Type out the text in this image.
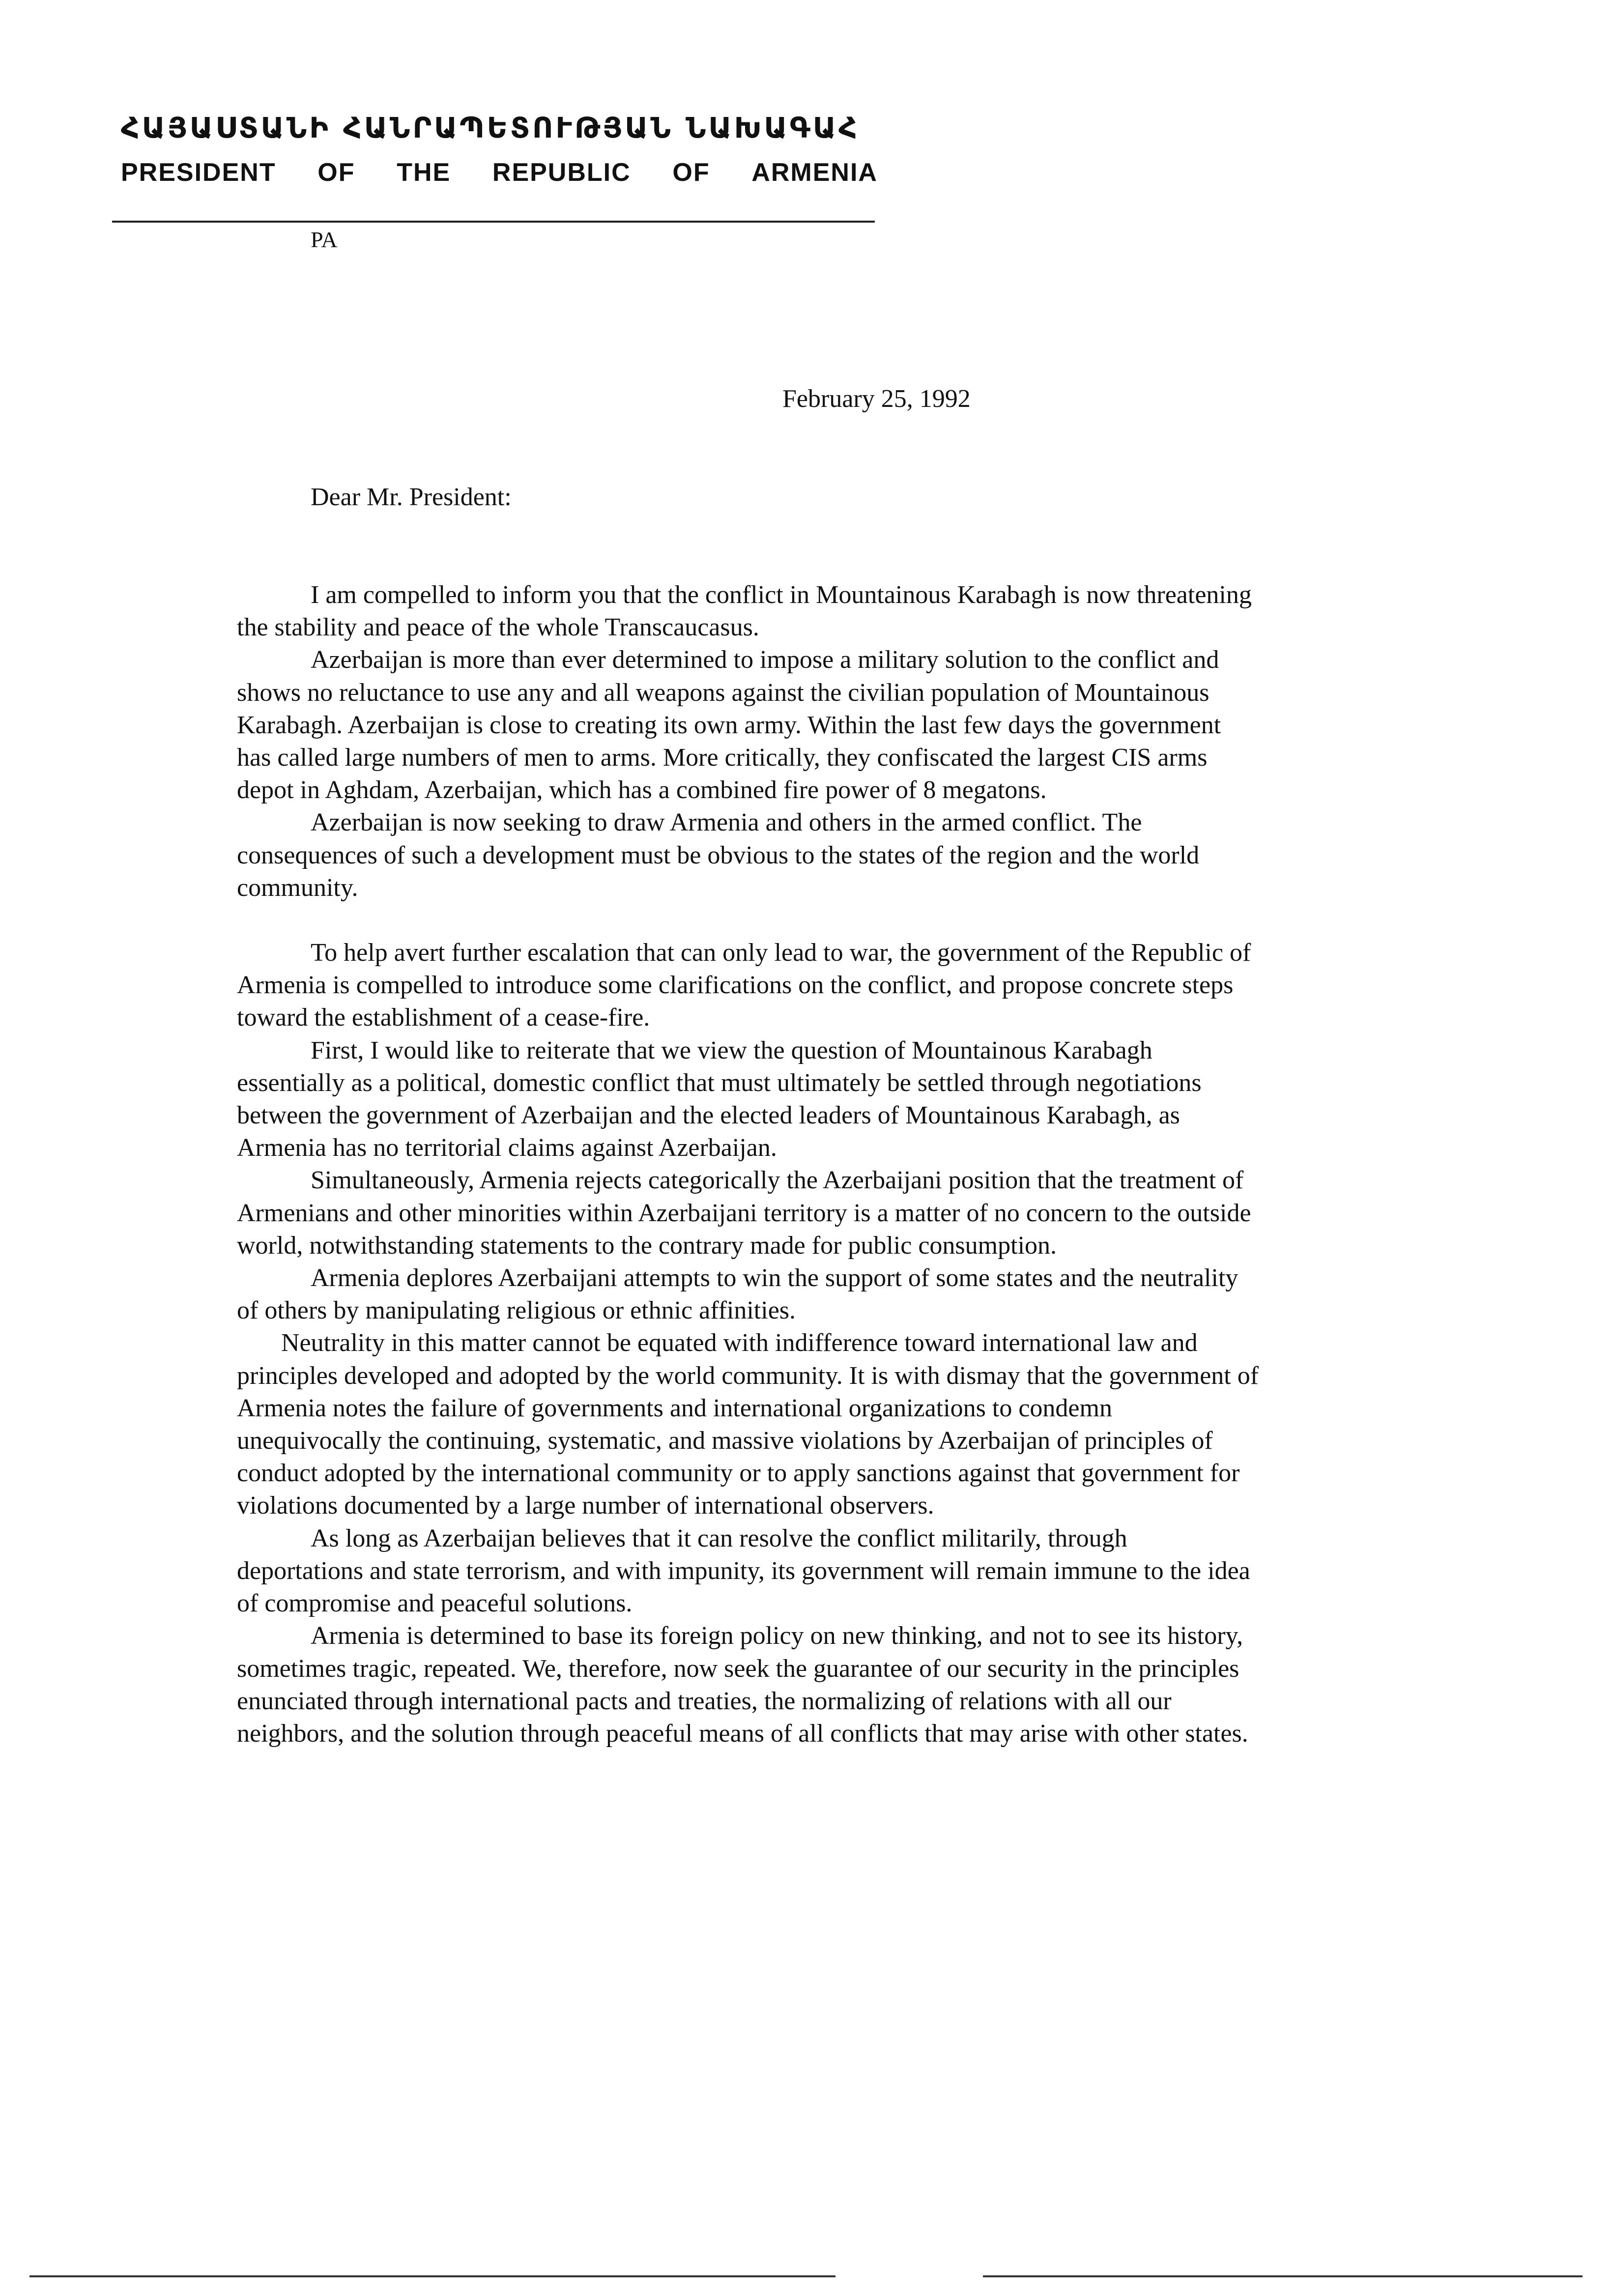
ՀԱՅԱՍՏԱՆԻ ՀԱՆՐԱՊԵՏՈՒԹՅԱՆ ՆԱԽԱԳԱՀ
PRESIDENT OF THE REPUBLIC OF ARMENIA
PA
February 25, 1992
Dear Mr. President:

I am compelled to inform you that the conflict in Mountainous Karabagh is now threatening the stability and peace of the whole Transcaucasus.

Azerbaijan is more than ever determined to impose a military solution to the conflict and shows no reluctance to use any and all weapons against the civilian population of Mountainous Karabagh. Azerbaijan is close to creating its own army. Within the last few days the government has called large numbers of men to arms. More critically, they confiscated the largest CIS arms depot in Aghdam, Azerbaijan, which has a combined fire power of 8 megatons.

Azerbaijan is now seeking to draw Armenia and others in the armed conflict. The consequences of such a development must be obvious to the states of the region and the world community.

To help avert further escalation that can only lead to war, the government of the Republic of Armenia is compelled to introduce some clarifications on the conflict, and propose concrete steps toward the establishment of a cease-fire.

First, I would like to reiterate that we view the question of Mountainous Karabagh essentially as a political, domestic conflict that must ultimately be settled through negotiations between the government of Azerbaijan and the elected leaders of Mountainous Karabagh, as Armenia has no territorial claims against Azerbaijan.

Simultaneously, Armenia rejects categorically the Azerbaijani position that the treatment of Armenians and other minorities within Azerbaijani territory is a matter of no concern to the outside world, notwithstanding statements to the contrary made for public consumption.

Armenia deplores Azerbaijani attempts to win the support of some states and the neutrality of others by manipulating religious or ethnic affinities.

Neutrality in this matter cannot be equated with indifference toward international law and principles developed and adopted by the world community. It is with dismay that the government of Armenia notes the failure of governments and international organizations to condemn unequivocally the continuing, systematic, and massive violations by Azerbaijan of principles of conduct adopted by the international community or to apply sanctions against that government for violations documented by a large number of international observers.

As long as Azerbaijan believes that it can resolve the conflict militarily, through deportations and state terrorism, and with impunity, its government will remain immune to the idea of compromise and peaceful solutions.

Armenia is determined to base its foreign policy on new thinking, and not to see its history, sometimes tragic, repeated. We, therefore, now seek the guarantee of our security in the principles enunciated through international pacts and treaties, the normalizing of relations with all our neighbors, and the solution through peaceful means of all conflicts that may arise with other states.
